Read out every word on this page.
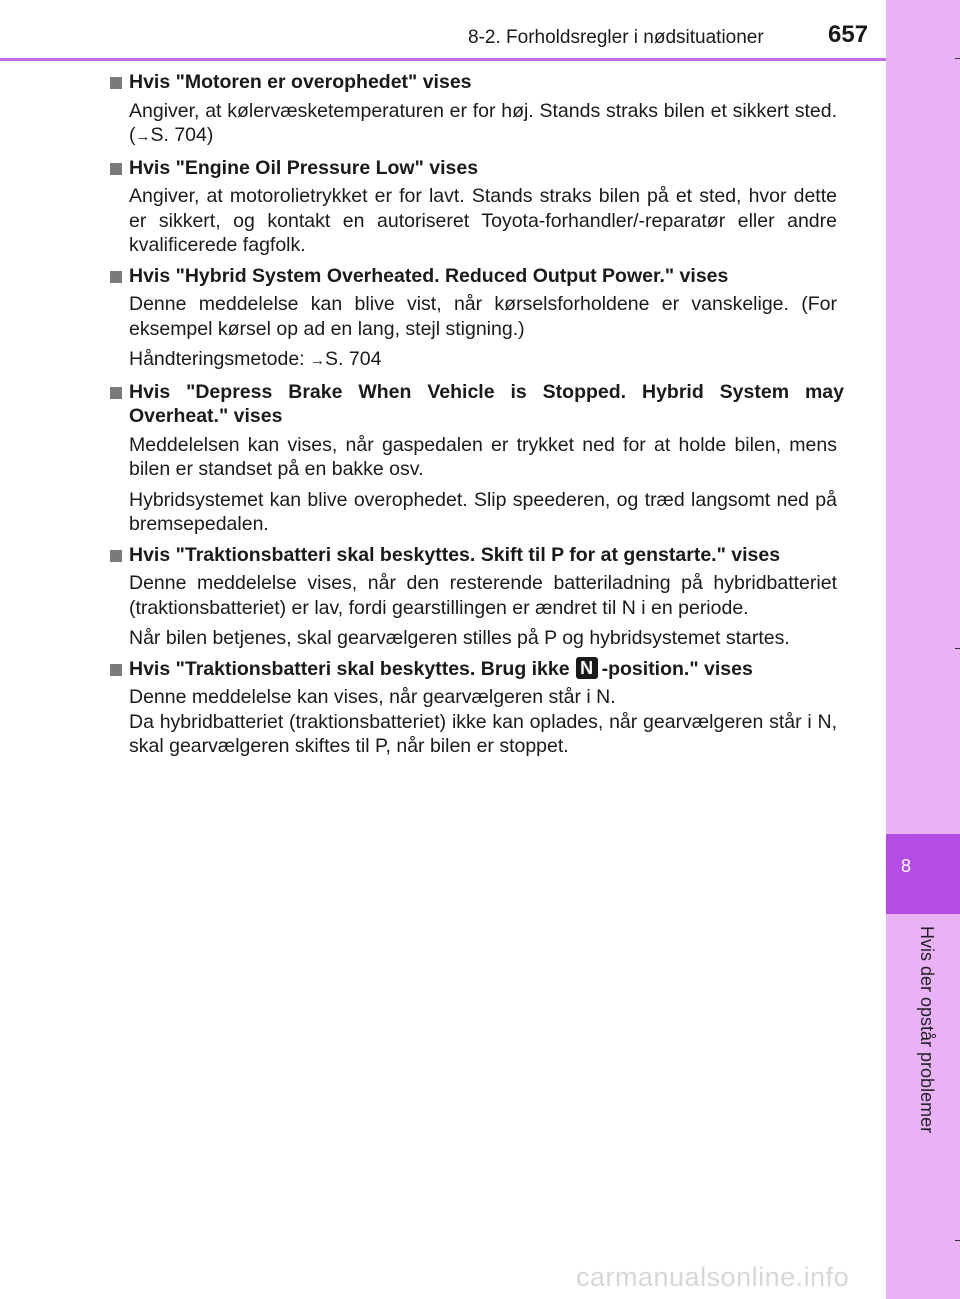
8-2. Forholdsregler i nødsituationer	657
8
Hvis der opstår problemer
Hvis "Motoren er overophedet" vises

Angiver, at kølervæsketemperaturen er for høj. Stands straks bilen et sikkert sted. (→S. 704)

Hvis "Engine Oil Pressure Low" vises

Angiver, at motorolietrykket er for lavt. Stands straks bilen på et sted, hvor dette er sikkert, og kontakt en autoriseret Toyota-forhandler/-reparatør eller andre kvalificerede fagfolk.

Hvis "Hybrid System Overheated. Reduced Output Power." vises

Denne meddelelse kan blive vist, når kørselsforholdene er vanskelige. (For eksempel kørsel op ad en lang, stejl stigning.)

Håndteringsmetode: →S. 704

Hvis "Depress Brake When Vehicle is Stopped. Hybrid System may Overheat." vises

Meddelelsen kan vises, når gaspedalen er trykket ned for at holde bilen, mens bilen er standset på en bakke osv.

Hybridsystemet kan blive overophedet. Slip speederen, og træd langsomt ned på bremsepedalen.

Hvis "Traktionsbatteri skal beskyttes. Skift til P for at genstarte." vises

Denne meddelelse vises, når den resterende batteriladning på hybridbatteriet (traktionsbatteriet) er lav, fordi gearstillingen er ændret til N i en periode.

Når bilen betjenes, skal gearvælgeren stilles på P og hybridsystemet startes.

Hvis "Traktionsbatteri skal beskyttes. Brug ikke N -position." vises

Denne meddelelse kan vises, når gearvælgeren står i N.

Da hybridbatteriet (traktionsbatteriet) ikke kan oplades, når gearvælgeren står i N, skal gearvælgeren skiftes til P, når bilen er stoppet.

carmanualsonline.info
